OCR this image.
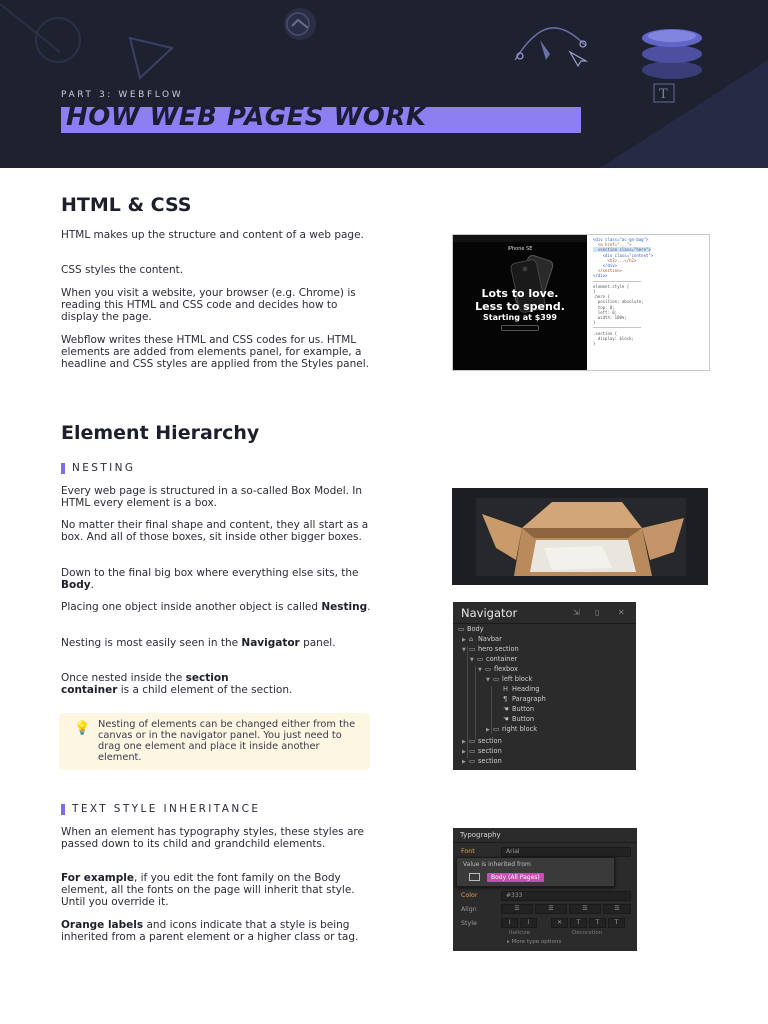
T
PART 3: WEBFLOW
HOW WEB PAGES WORK
HTML & CSS
HTML makes up the structure and content of a web page.
CSS styles the content.
When you visit a website, your browser (e.g. Chrome) is reading this HTML and CSS code and decides how to display the page.
Webflow writes these HTML and CSS codes for us. HTML elements are added from elements panel, for example, a headline and CSS styles are applied from the Styles panel.
iPhone SE
Lots to love.
Less to spend.
Starting at $399
<div class="ac-gn-bag">
<a href="...">
<section class="hero">
<div class="content">
<h2>...</h2>
</div>
</section>
</div>
────────────────────
element.style {
}
.hero {
position: absolute;
top: 0;
left: 0;
width: 100%;
}
────────────────────
.section {
display: block;
}
Element Hierarchy
NESTING
Every web page is structured in a so-called Box Model. In HTML every element is a box.
No matter their final shape and content, they all start as a box. And all of those boxes, sit inside other bigger boxes.
Down to the final big box where everything else sits, the Body.
Placing one object inside another object is called Nesting.
Nesting is most easily seen in the Navigator panel.
Once nested inside the section
container is a child element of the section.
💡 Nesting of elements can be changed either from the canvas or in the navigator panel. You just need to drag one element and place it inside another element.
Navigator	⇲ ▯ ✕
▭ Body
▶ ⌂ Navbar
▼ ▭ hero section
▼ ▭ container
▼ ▭ flexbox
▼ ▭ left block
H Heading
¶ Paragraph
☚ Button
☚ Button
▶ ▭ right block
▶ ▭ section
▶ ▭ section
▶ ▭ section
TEXT STYLE INHERITANCE
When an element has typography styles, these styles are passed down to its child and grandchild elements.
For example, if you edit the font family on the Body element, all the fonts on the page will inherit that style. Until you override it.
Orange labels and icons indicate that a style is being inherited from a parent element or a higher class or tag.
Typography
Font	Arial
Value is inherited from
Body (All Pages)
Color	#333
Align	☰	☰	☰	☰
Style	I	I	✕	T	T	T
Italicize	Decoration
▸ More type options
